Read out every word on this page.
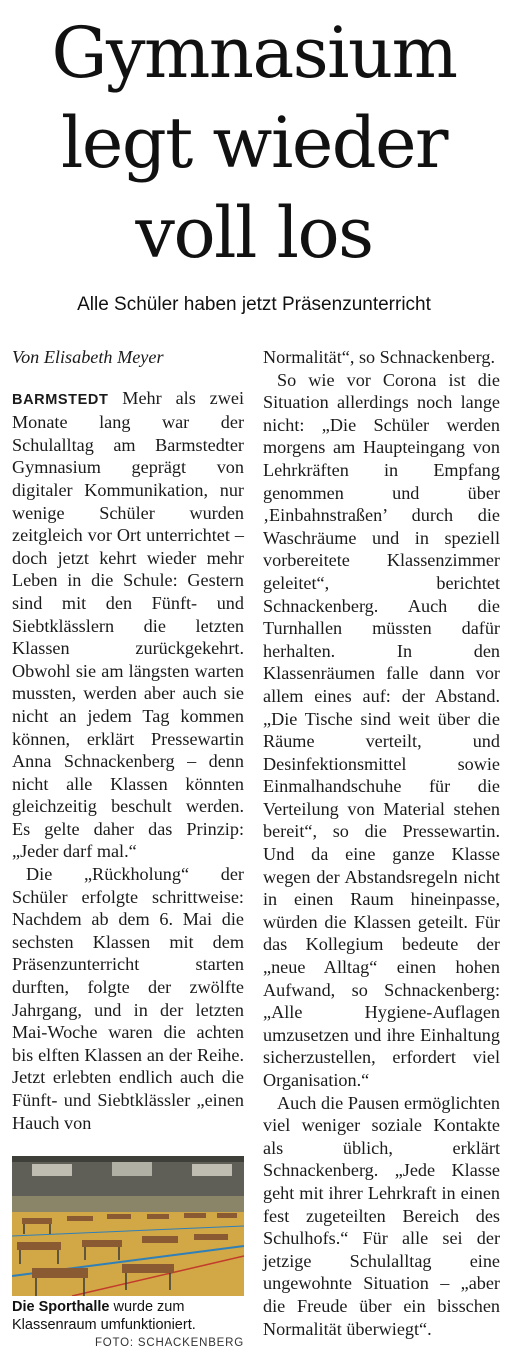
Gymnasium
legt wieder
voll los
Alle Schüler haben jetzt Präsenzunterricht

Von Elisabeth Meyer

BARMSTEDT Mehr als zwei Monate lang war der Schulalltag am Barmstedter Gymnasium geprägt von digitaler Kommunikation, nur wenige Schüler wurden zeitgleich vor Ort unterrichtet – doch jetzt kehrt wieder mehr Leben in die Schule: Gestern sind mit den Fünft- und Siebtklässlern die letzten Klassen zurückgekehrt. Obwohl sie am längsten warten mussten, werden aber auch sie nicht an jedem Tag kommen können, erklärt Pressewartin Anna Schnackenberg – denn nicht alle Klassen könnten gleichzeitig beschult werden. Es gelte daher das Prinzip: „Jeder darf mal.“

Die „Rückholung“ der Schüler erfolgte schrittweise: Nachdem ab dem 6. Mai die sechsten Klassen mit dem Präsenzunterricht starten durften, folgte der zwölfte Jahrgang, und in der letzten Mai-Woche waren die achten bis elften Klassen an der Reihe. Jetzt erlebten endlich auch die Fünft- und Siebtklässler „einen Hauch von

Die Sporthalle wurde zum Klassenraum umfunktioniert.
FOTO: SCHACKENBERG

Normalität“, so Schnackenberg.

So wie vor Corona ist die Situation allerdings noch lange nicht: „Die Schüler werden morgens am Haupteingang von Lehrkräften in Empfang genommen und über ‚Einbahnstraßen’ durch die Waschräume und in speziell vorbereitete Klassenzimmer geleitet“, berichtet Schnackenberg. Auch die Turnhallen müssten dafür herhalten. In den Klassenräumen falle dann vor allem eines auf: der Abstand. „Die Tische sind weit über die Räume verteilt, und Desinfektionsmittel sowie Einmalhandschuhe für die Verteilung von Material stehen bereit“, so die Pressewartin. Und da eine ganze Klasse wegen der Abstandsregeln nicht in einen Raum hineinpasse, würden die Klassen geteilt. Für das Kollegium bedeute der „neue Alltag“ einen hohen Aufwand, so Schnackenberg: „Alle Hygiene-Auflagen umzusetzen und ihre Einhaltung sicherzustellen, erfordert viel Organisation.“

Auch die Pausen ermöglichten viel weniger soziale Kontakte als üblich, erklärt Schnackenberg. „Jede Klasse geht mit ihrer Lehrkraft in einen fest zugeteilten Bereich des Schulhofs.“ Für alle sei der jetzige Schulalltag eine ungewohnte Situation – „aber die Freude über ein bisschen Normalität überwiegt“.
